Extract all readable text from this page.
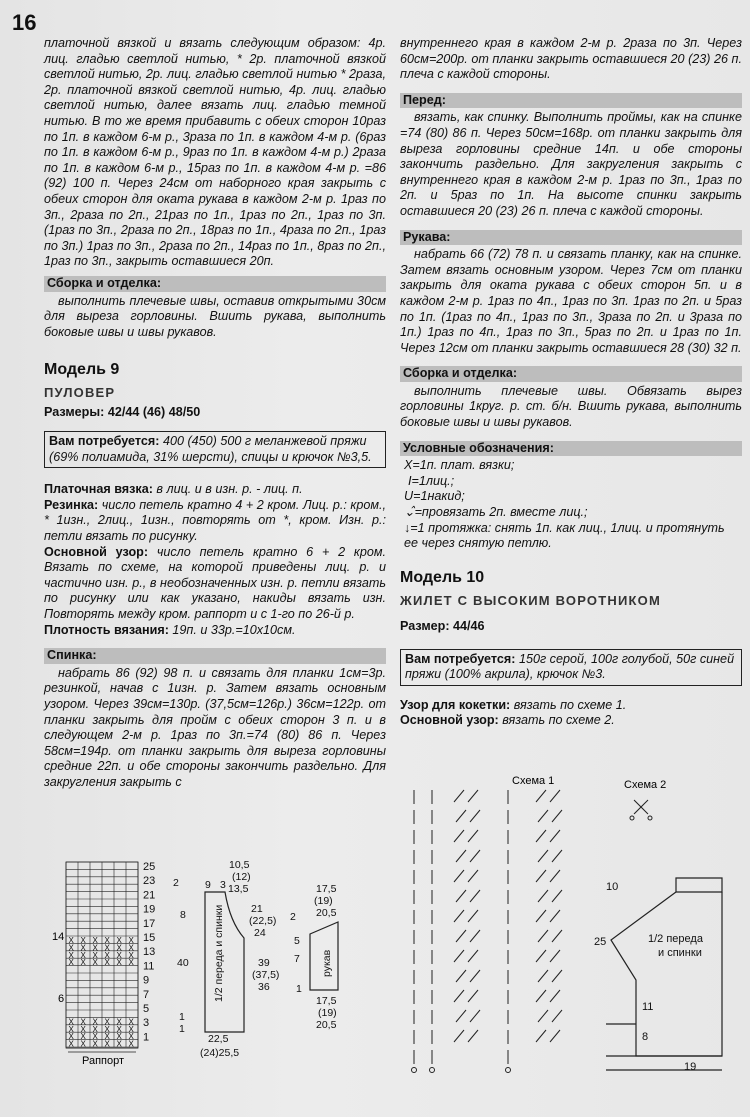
16

платочной вязкой и вязать следующим образом: 4р. лиц. гладью светлой нитью, * 2р. платочной вязкой светлой нитью, 2р. лиц. гладью светлой нитью * 2раза, 2р. платочной вязкой светлой нитью, 4р. лиц. гладью светлой нитью, далее вязать лиц. гладью темной нитью. В то же время прибавить с обеих сторон 10раз по 1п. в каждом 6-м р., 3раза по 1п. в каждом 4-м р. (6раз по 1п. в каждом 6-м р., 9раз по 1п. в каждом 4-м р.) 2раза по 1п. в каждом 6-м р., 15раз по 1п. в каждом 4-м р. =86 (92) 100 п. Через 24см от наборного края закрыть с обеих сторон для оката рукава в каждом 2-м р. 1раз по 3п., 2раза по 2п., 21раз по 1п., 1раз по 2п., 1раз по 3п. (1раз по 3п., 2раза по 2п., 18раз по 1п., 4раза по 2п., 1раз по 3п.) 1раз по 3п., 2раза по 2п., 14раз по 1п., 8раз по 2п., 1раз по 3п., закрыть оставшиеся 20п.

Сборка и отделка:

выполнить плечевые швы, оставив открытыми 30см для выреза горловины. Вшить рукава, выполнить боковые швы и швы рукавов.

Модель 9

ПУЛОВЕР

Размеры: 42/44 (46) 48/50

Вам потребуется: 400 (450) 500 г меланжевой пряжи (69% полиамида, 31% шерсти), спицы и крючок №3,5.

Платочная вязка: в лиц. и в изн. р. - лиц. п.

Резинка: число петель кратно 4 + 2 кром. Лиц. р.: кром., * 1изн., 2лиц., 1изн., повторять от *, кром. Изн. р.: петли вязать по рисунку.

Основной узор: число петель кратно 6 + 2 кром. Вязать по схеме, на которой приведены лиц. р. и частично изн. р., в необозначенных изн. р. петли вязать по рисунку или как указано, накиды вязать изн. Повторять между кром. раппорт и с 1-го по 26-й р.

Плотность вязания: 19п. и 33р.=10х10см.

Спинка:

набрать 86 (92) 98 п. и связать для планки 1см=3р. резинкой, начав с 1изн. р. Затем вязать основным узором. Через 39см=130р. (37,5см=126р.) 36см=122р. от планки закрыть для пройм с обеих сторон 3 п. и в следующем 2-м р. 1раз по 3п.=74 (80) 86 п. Через 58см=194р. от планки закрыть для выреза горловины средние 22п. и обе стороны закончить раздельно. Для закругления закрыть с

внутреннего края в каждом 2-м р. 2раза по 3п. Через 60см=200р. от планки закрыть оставшиеся 20 (23) 26 п. плеча с каждой стороны.

Перед:

вязать, как спинку. Выполнить проймы, как на спинке =74 (80) 86 п. Через 50см=168р. от планки закрыть для выреза горловины средние 14п. и обе стороны закончить раздельно. Для закругления закрыть с внутреннего края в каждом 2-м р. 1раз по 3п., 1раз по 2п. и 5раз по 1п. На высоте спинки закрыть оставшиеся 20 (23) 26 п. плеча с каждой стороны.

Рукава:

набрать 66 (72) 78 п. и связать планку, как на спинке. Затем вязать основным узором. Через 7см от планки закрыть для оката рукава с обеих сторон 5п. и в каждом 2-м р. 1раз по 4п., 1раз по 3п. 1раз по 2п. и 5раз по 1п. (1раз по 4п., 1раз по 3п., 3раза по 2п. и 3раза по 1п.) 1раз по 4п., 1раз по 3п., 5раз по 2п. и 1раз по 1п. Через 12см от планки закрыть оставшиеся 28 (30) 32 п.

Сборка и отделка:

выполнить плечевые швы. Обвязать вырез горловины 1круг. р. ст. б/н. Вшить рукава, выполнить боковые швы и швы рукавов.

Условные обозначения:
X=1п. плат. вязки;
I=1лиц.;
U=1накид;
⌄̂=провязать 2п. вместе лиц.;
↓=1 протяжка: снять 1п. как лиц., 1лиц. и протянуть ее через снятую петлю.

Модель 10

ЖИЛЕТ С ВЫСОКИМ ВОРОТНИКОМ

Размер: 44/46

Вам потребуется: 150г серой, 100г голубой, 50г синей пряжи (100% акрила), крючок №3.

Узор для кокетки: вязать по схеме 1.

Основной узор: вязать по схеме 2.

X X X X X X
X X X X X X
X X X X X X
X X X X X X
X X X X X X
X X X X X X
X X X X X X
X X X X X X
25
23
21
19
17
15
13
11
9
7
5
3
1
14
6
Раппорт
10,5
(12)
13,5
2 9 3
8	21
(22,5)
24
40	39
(37,5)
36
1
1
22,5
(24)25,5
1/2 переда и спинки
17,5
(19)
20,5
2
5
7
1
17,5
(19)
20,5
рукав
Схема 1	Схема 2
10
25
11
8
19
1/2 переда
и спинки
